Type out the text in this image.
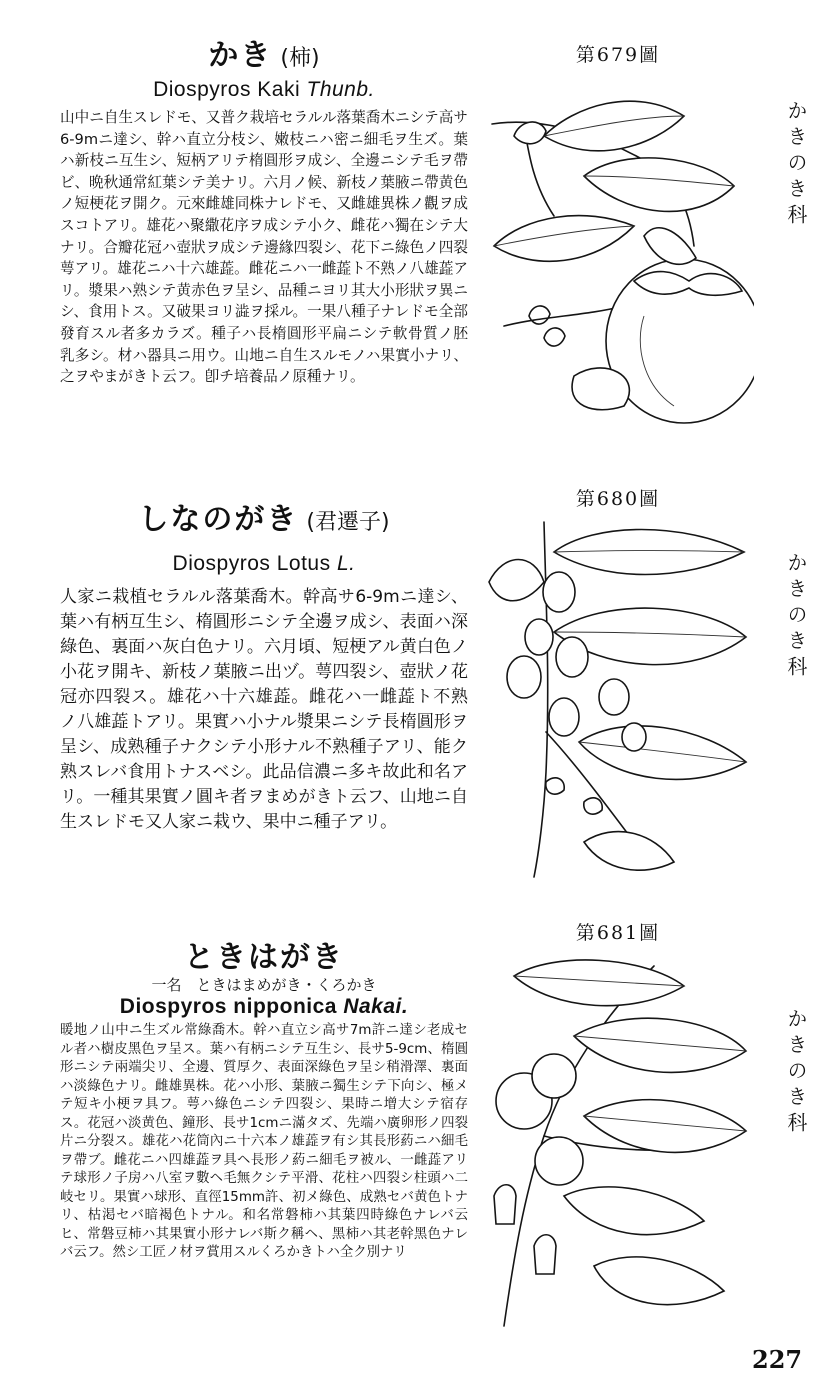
かき (柿)
Diospyros Kaki Thunb.
山中ニ自生スレドモ、又普ク栽培セラルル落葉喬木ニシテ高サ6-9mニ達シ、幹ハ直立分枝シ、嫩枝ニハ密ニ細毛ヲ生ズ。葉ハ新枝ニ互生シ、短柄アリテ楕圓形ヲ成シ、全邊ニシテ毛ヲ帶ビ、晩秋通常紅葉シテ美ナリ。六月ノ候、新枝ノ葉腋ニ帶黄色ノ短梗花ヲ開ク。元來雌雄同株ナレドモ、又雌雄異株ノ觀ヲ成スコトアリ。雄花ハ聚繖花序ヲ成シテ小ク、雌花ハ獨在シテ大ナリ。合瓣花冠ハ壺狀ヲ成シテ邊緣四裂シ、花下ニ綠色ノ四裂萼アリ。雄花ニハ十六雄蕋。雌花ニハ一雌蕋ト不熟ノ八雄蕋アリ。漿果ハ熟シテ黄赤色ヲ呈シ、品種ニヨリ其大小形狀ヲ異ニシ、食用トス。又破果ヨリ澁ヲ採ル。一果八種子ナレドモ全部發育スル者多カラズ。種子ハ長楕圓形平扁ニシテ軟骨質ノ胚乳多シ。材ハ器具ニ用ウ。山地ニ自生スルモノハ果實小ナリ、之ヲやまがきト云フ。卽チ培養品ノ原種ナリ。
しなのがき (君遷子)
Diospyros Lotus L.
人家ニ栽植セラルル落葉喬木。幹高サ6-9mニ達シ、葉ハ有柄互生シ、楕圓形ニシテ全邊ヲ成シ、表面ハ深綠色、裏面ハ灰白色ナリ。六月頃、短梗アル黄白色ノ小花ヲ開キ、新枝ノ葉腋ニ出ヅ。萼四裂シ、壺狀ノ花冠亦四裂ス。雄花ハ十六雄蕋。雌花ハ一雌蕋ト不熟ノ八雄蕋トアリ。果實ハ小ナル漿果ニシテ長楕圓形ヲ呈シ、成熟種子ナクシテ小形ナル不熟種子アリ、能ク熟スレバ食用トナスベシ。此品信濃ニ多キ故此和名アリ。一種其果實ノ圓キ者ヲまめがきト云フ、山地ニ自生スレドモ又人家ニ栽ウ、果中ニ種子アリ。
ときはがき
一名　ときはまめがき・くろかき
Diospyros nipponica Nakai.
暖地ノ山中ニ生ズル常綠喬木。幹ハ直立シ高サ7m許ニ達シ老成セル者ハ樹皮黑色ヲ呈ス。葉ハ有柄ニシテ互生シ、長サ5-9cm、楕圓形ニシテ兩端尖リ、全邊、質厚ク、表面深綠色ヲ呈シ稍滑澤、裏面ハ淡綠色ナリ。雌雄異株。花ハ小形、葉腋ニ獨生シテ下向シ、極メテ短キ小梗ヲ具フ。萼ハ綠色ニシテ四裂シ、果時ニ增大シテ宿存ス。花冠ハ淡黄色、鐘形、長サ1cmニ滿タズ、先端ハ廣卵形ノ四裂片ニ分裂ス。雄花ハ花筒內ニ十六本ノ雄蕋ヲ有シ其長形葯ニハ細毛ヲ帶ブ。雌花ニハ四雄蕋ヲ具ヘ長形ノ葯ニ細毛ヲ被ル、一雌蕋アリテ球形ノ子房ハ八室ヲ數ヘ毛無クシテ平滑、花柱ハ四裂シ柱頭ハ二岐セリ。果實ハ球形、直徑15mm許、初メ綠色、成熟セバ黄色トナリ、枯渇セバ暗褐色トナル。和名常磐柿ハ其葉四時綠色ナレバ云ヒ、常磐豆柿ハ其果實小形ナレバ斯ク稱ヘ、黑柿ハ其老幹黑色ナレバ云フ。然シ工匠ノ材ヲ賞用スルくろかきトハ全ク別ナリ
第679圖
第680圖
第681圖
かきのき科
かきのき科
かきのき科
227
